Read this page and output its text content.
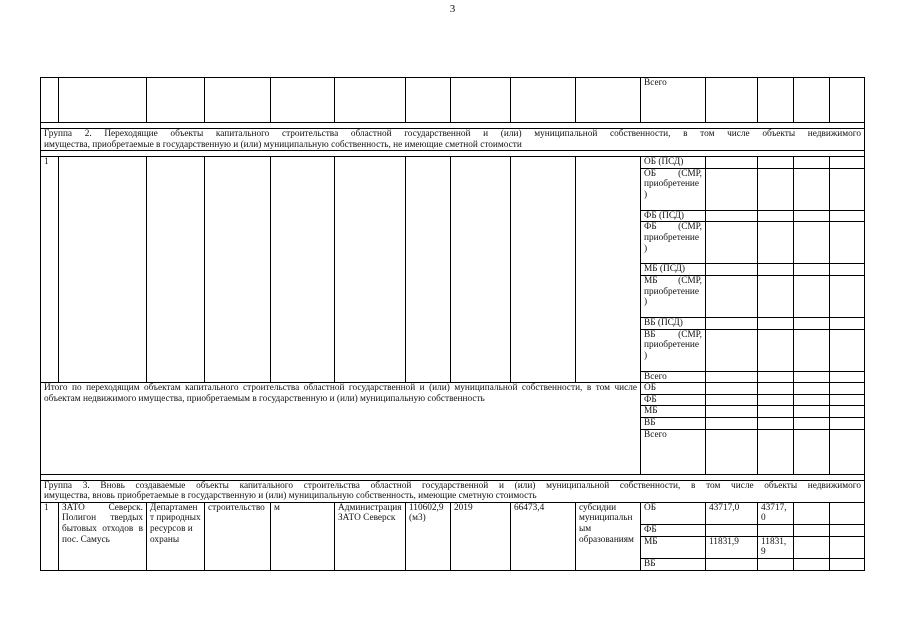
3
										Всего				

Группа 2. Переходящие объекты капитального строительства областной государственной и (или) муниципальной собственности, в том числе объекты недвижимого
имущества, приобретаемые в государственную и (или) муниципальную собственность, не имеющие сметной стоимости														

1										ОБ (ПСД)				
										ОБ (СМР, приобретение)				
										ФБ (ПСД)				
										ФБ (СМР, приобретение)				
										МБ (ПСД)				
										МБ (СМР, приобретение)				
										ВБ (ПСД)				
										ВБ (СМР, приобретение)				
										Всего				
Итого по переходящим объектам капитального строительства областной государственной и (или) муниципальной собственности, в том числе объектам недвижимого имущества, приобретаемым в государственную и (или) муниципальную собственность										ОБ				
										ФБ				
										МБ				
										ВБ				
										Всего				

Группа 3. Вновь создаваемые объекты капитального строительства областной государственной и (или) муниципальной собственности, в том числе объекты недвижимого
имущества, вновь приобретаемые в государственную и (или) муниципальную собственность, имеющие сметную стоимость														

1	ЗАТО Северск. Полигон твердых бытовых отходов в пос. Самусь	Департамент природных ресурсов и охраны	строительство	м	Администрация ЗАТО Северск	110602,9 (м3)	2019	66473,4	субсидии муниципальным образованиям	ОБ	43717,0	43717,0		
										ФБ				
										МБ	11831,9	11831,9		
										ВБ				
